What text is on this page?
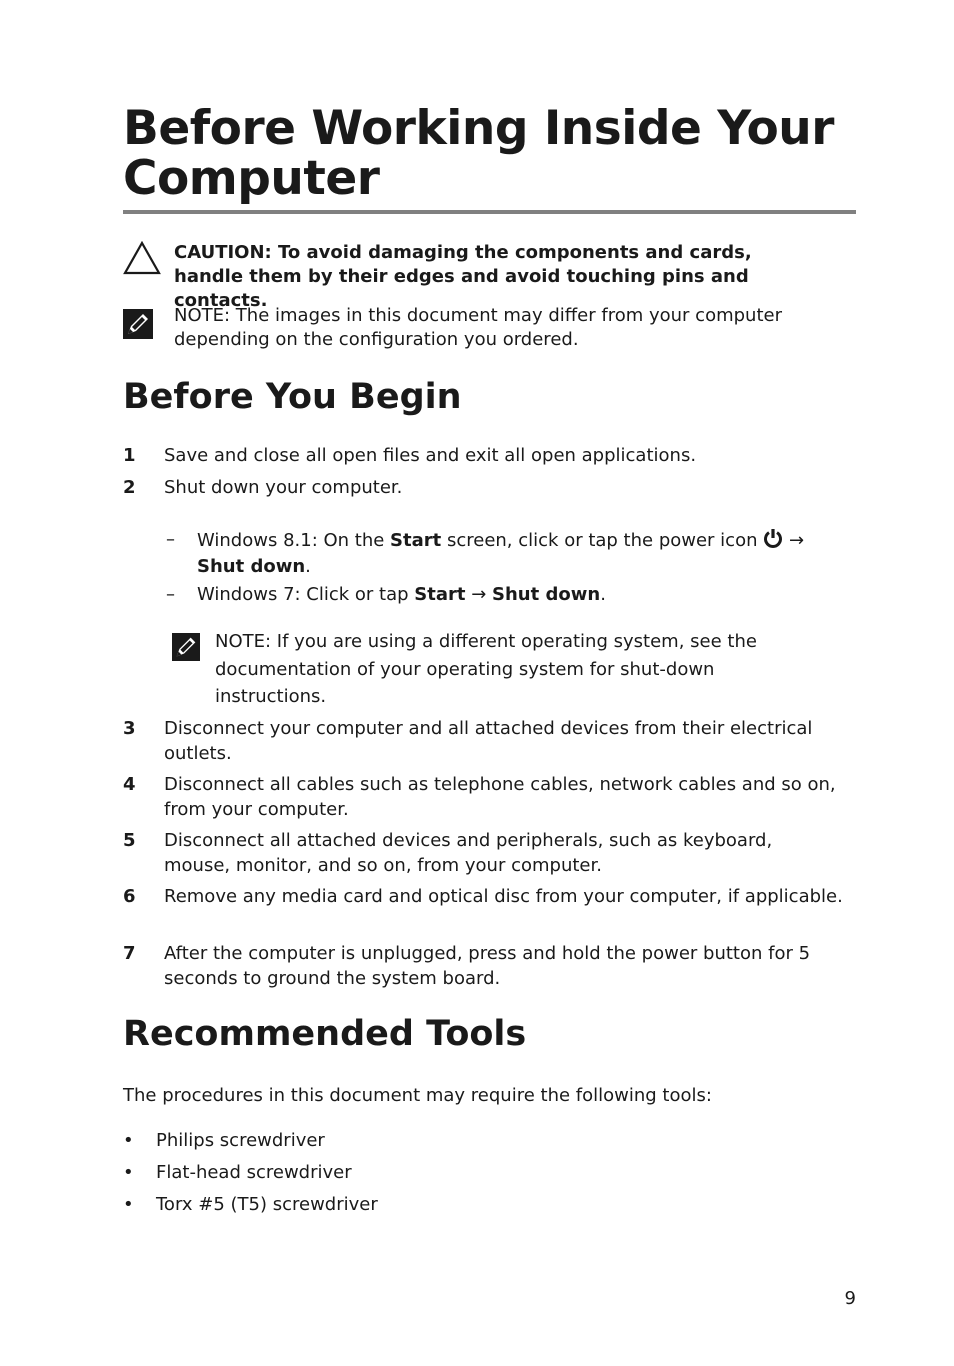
Before Working Inside Your Computer
CAUTION: To avoid damaging the components and cards, handle them by their edges and avoid touching pins and contacts.
NOTE: The images in this document may differ from your computer depending on the configuration you ordered.
Before You Begin
1	Save and close all open files and exit all open applications.
2	Shut down your computer.
– Windows 8.1: On the Start screen, click or tap the power icon  →
Shut down.
– Windows 7: Click or tap Start → Shut down.
NOTE: If you are using a different operating system, see the documentation of your operating system for shut-down instructions.
3	Disconnect your computer and all attached devices from their electrical outlets.
4	Disconnect all cables such as telephone cables, network cables and so on, from your computer.
5	Disconnect all attached devices and peripherals, such as keyboard, mouse, monitor, and so on, from your computer.
6	Remove any media card and optical disc from your computer, if applicable.
7	After the computer is unplugged, press and hold the power button for 5 seconds to ground the system board.
Recommended Tools
The procedures in this document may require the following tools:
• Philips screwdriver
• Flat-head screwdriver
• Torx #5 (T5) screwdriver
9
